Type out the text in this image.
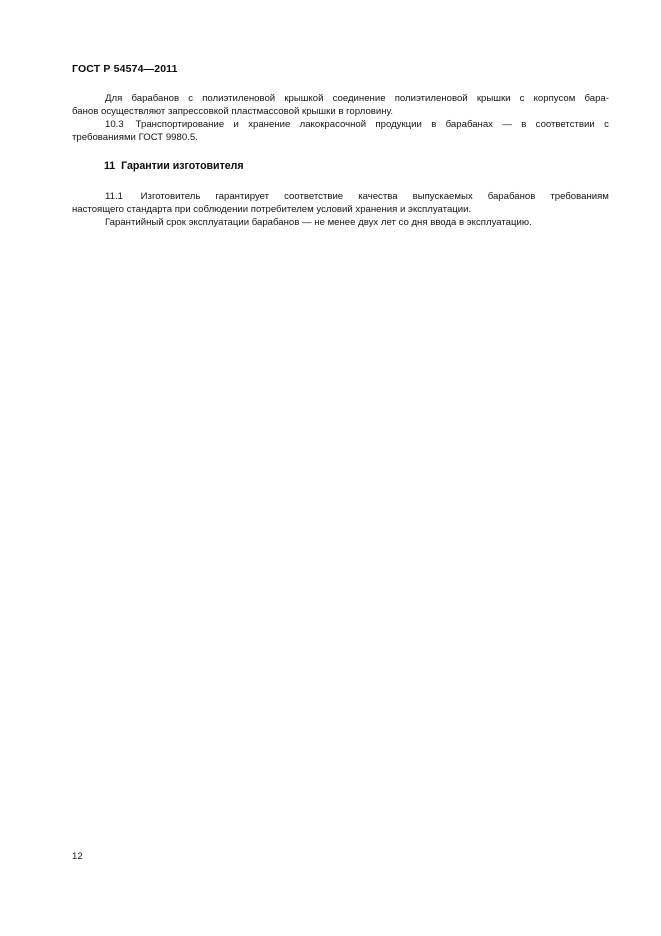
ГОСТ Р 54574—2011
Для барабанов с полиэтиленовой крышкой соединение полиэтиленовой крышки с корпусом бара-
банов осуществляют запрессовкой пластмассовой крышки в горловину.
10.3 Транспортирование и хранение лакокрасочной продукции в барабанах — в соответствии с
требованиями ГОСТ 9980.5.
11  Гарантии изготовителя
11.1 Изготовитель гарантирует соответствие качества выпускаемых барабанов требованиям
настоящего стандарта при соблюдении потребителем условий хранения и эксплуатации.
Гарантийный срок эксплуатации барабанов — не менее двух лет со дня ввода в эксплуатацию.
12
